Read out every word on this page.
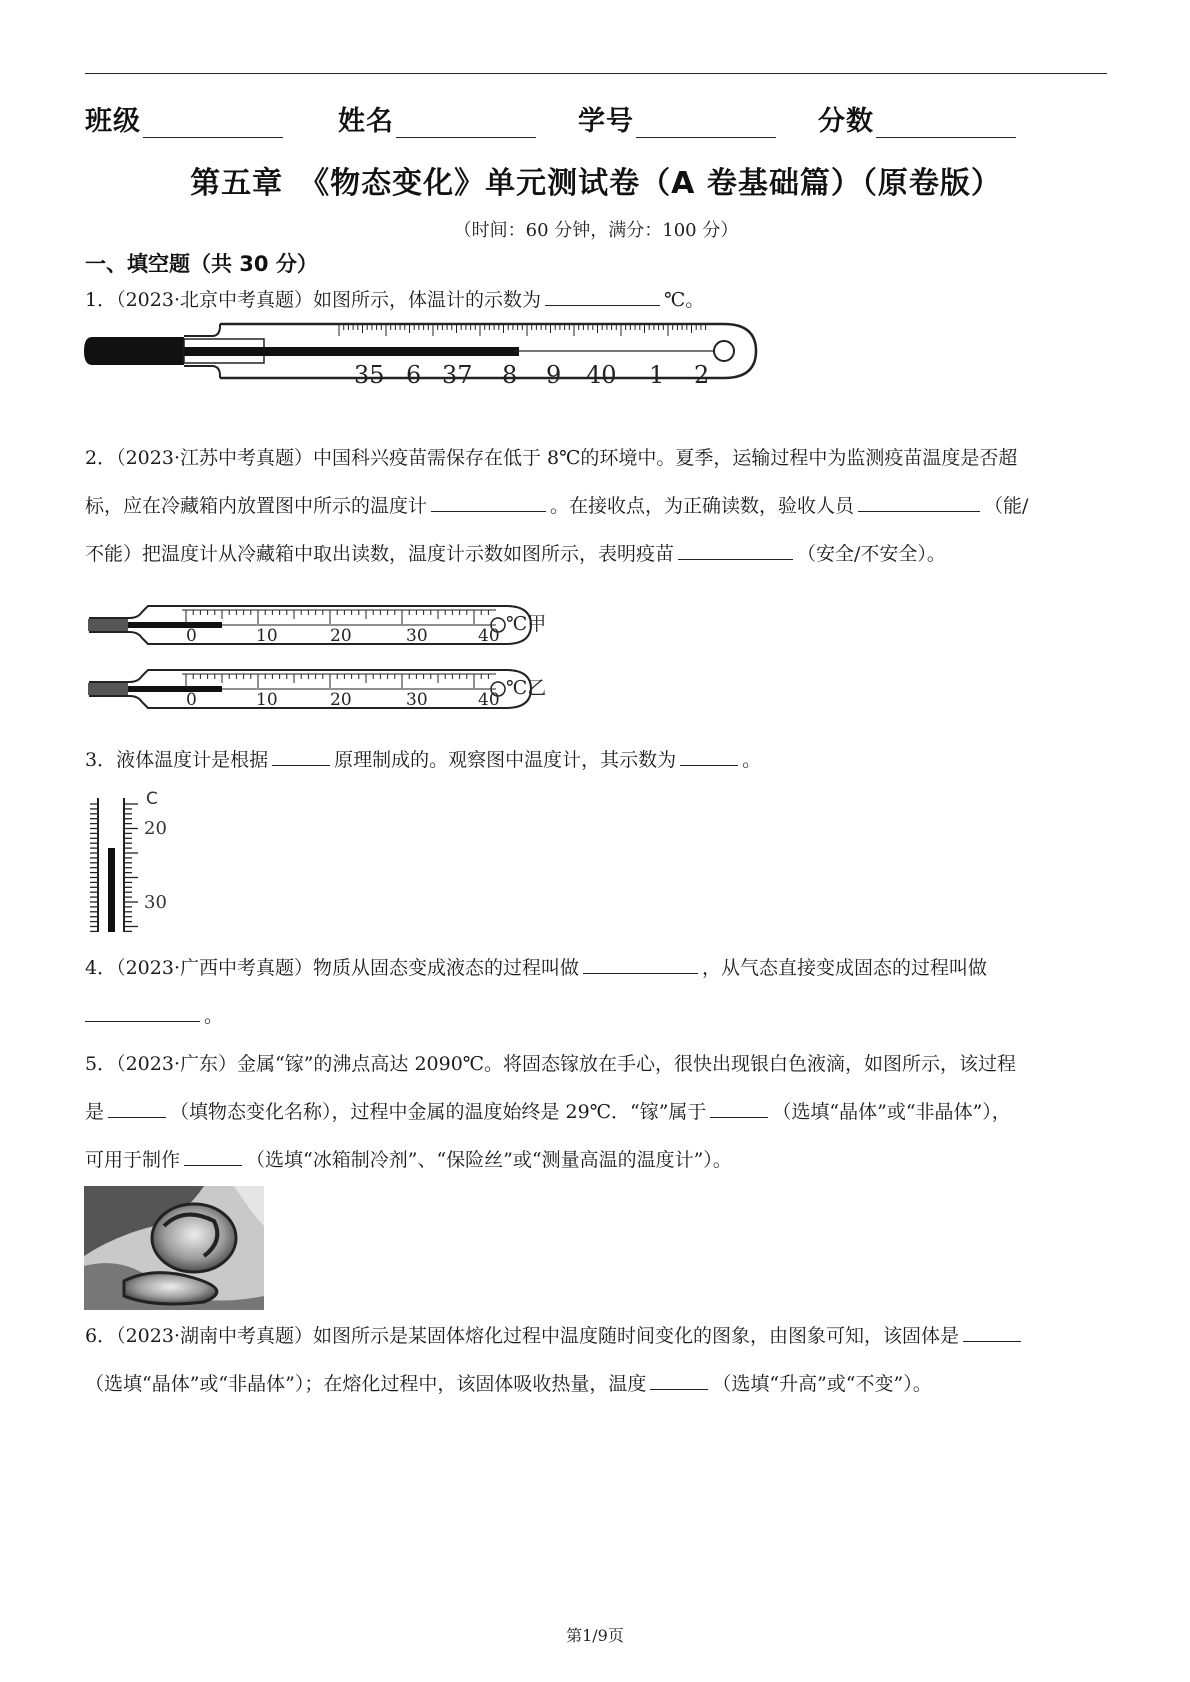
班级	姓名	学号	分数
第五章　《物态变化》单元测试卷（A 卷基础篇）（原卷版）
（时间：60 分钟，满分：100 分）
一、填空题（共 30 分）
1．（2023·北京中考真题）如图所示，体温计的示数为	℃。
35 6 37 8 9 40 1 2
2．（2023·江苏中考真题）中国科兴疫苗需保存在低于 8℃的环境中。夏季，运输过程中为监测疫苗温度是否超
标，应在冷藏箱内放置图中所示的温度计	。在接收点，为正确读数，验收人员	（能/
不能）把温度计从冷藏箱中取出读数，温度计示数如图所示，表明疫苗	（安全/不安全）。
0	10	20	30	40
℃甲
0	10	20	30	40
℃乙
3．液体温度计是根据	原理制成的。观察图中温度计，其示数为	。
C
20
30
4．（2023·广西中考真题）物质从固态变成液态的过程叫做	，从气态直接变成固态的过程叫做
。
5．（2023·广东）金属“镓”的沸点高达 2090℃。将固态镓放在手心，很快出现银白色液滴，如图所示，该过程
是	（填物态变化名称），过程中金属的温度始终是 29℃．“镓”属于	（选填“晶体”或“非晶体”），
可用于制作	（选填“冰箱制冷剂”、“保险丝”或“测量高温的温度计”）。
6．（2023·湖南中考真题）如图所示是某固体熔化过程中温度随时间变化的图象，由图象可知，该固体是
（选填“晶体”或“非晶体”）；在熔化过程中，该固体吸收热量，温度	（选填“升高”或“不变”）。
第1/9页
